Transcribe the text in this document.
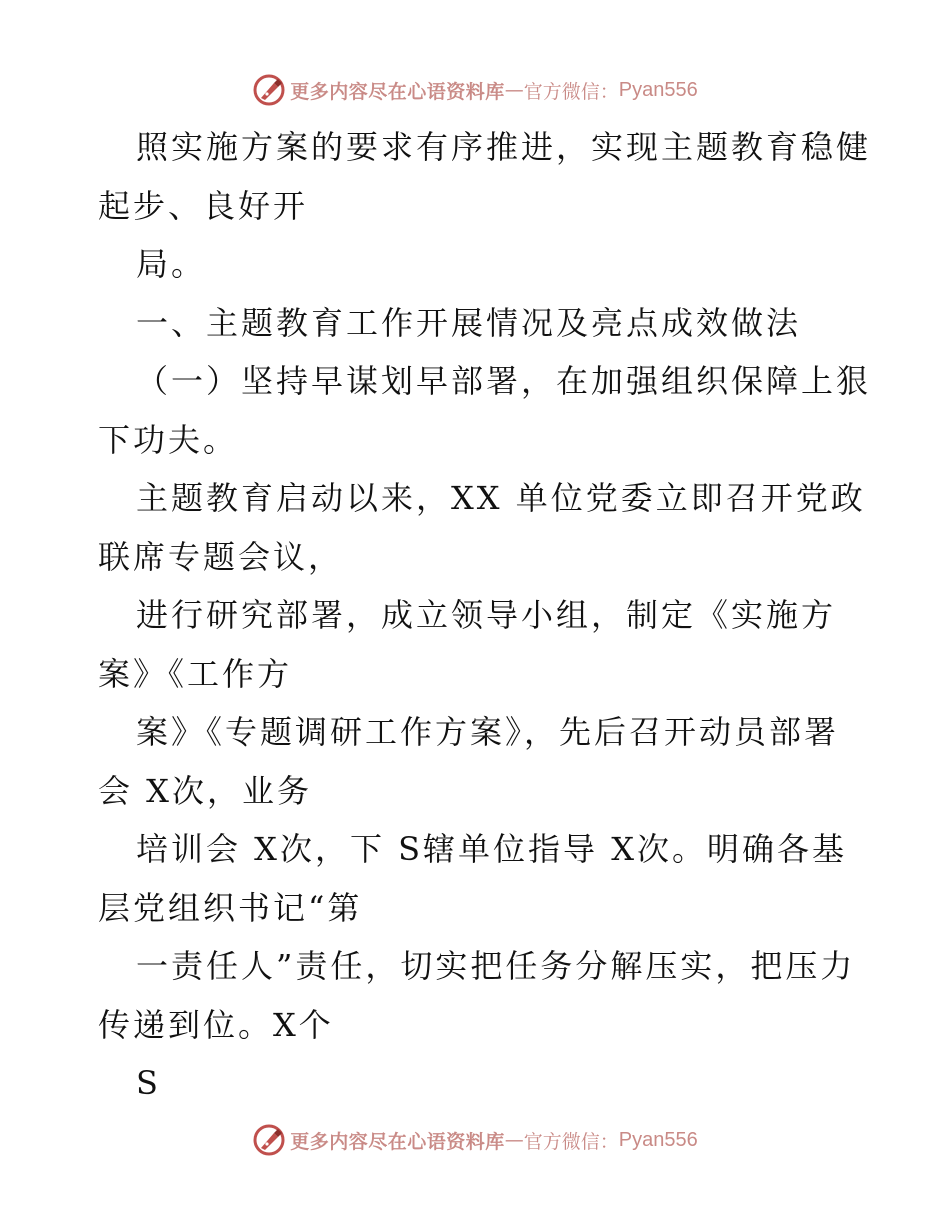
更多内容尽在心语资料库 — 官方微信： Pyan556
照实施方案的要求有序推进，实现主题教育稳健
起步、良好开
局。
一、主题教育工作开展情况及亮点成效做法
（一）坚持早谋划早部署，在加强组织保障上狠
下功夫。
主题教育启动以来，XX 单位党委立即召开党政
联席专题会议，
进行研究部署，成立领导小组，制定《实施方
案》《工作方
案》《专题调研工作方案》，先后召开动员部署
会 X次，业务
培训会 X次，下 S辖单位指导 X次。明确各基
层党组织书记“第
一责任人”责任，切实把任务分解压实，把压力
传递到位。X个
S
更多内容尽在心语资料库 — 官方微信： Pyan556
